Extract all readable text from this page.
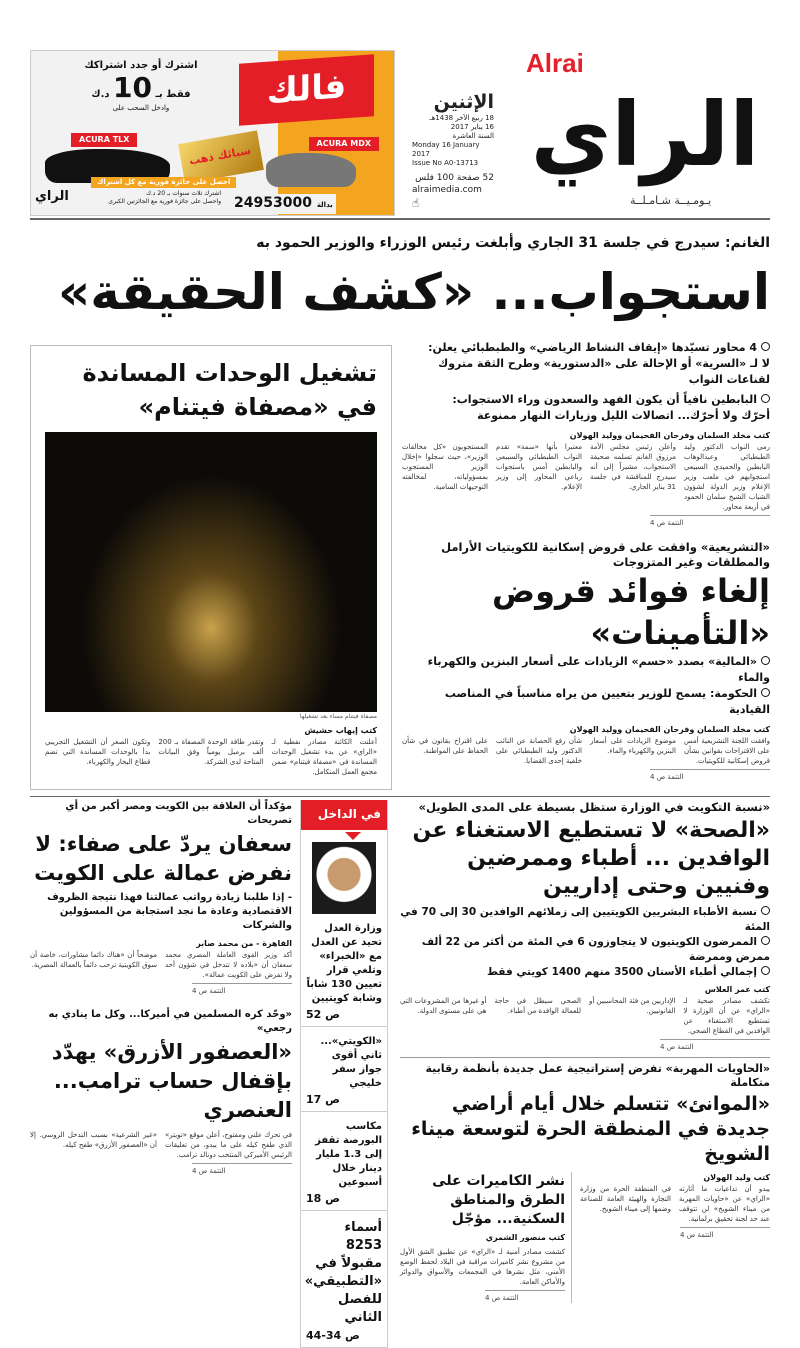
فالك
اشترك أو جدد اشتراكك
فقط بـ 10 د.ك
وادخل السحب على
ACURA TLX	ACURA MDX
سبائك ذهب
الراي
احصل على جائزة فورية مع كل اشتراك
اشترك ثلاث سنوات بـ 20 د.ك
واحصل على جائزة فورية مع الجائزتين الكبرى 24953000 بدالة
Alrai
الراي
يـومـيــة شـامـلــة
الإثنين
18 ربيع الآخر 1438هـ
16 يناير 2017
السنة العاشرة
Monday 16 January 2017
Issue No A0-13713
52 صفحة 100 فلس
alraimedia.com
☝
الغانم: سيدرج في جلسة 31 الجاري وأبلغت رئيس الوزراء والوزير الحمود به
استجواب... «كشف الحقيقة»
4 محاور تسيّدها «إيقاف النشاط الرياضي» والطبطبائي يعلن:
لا لـ «السرية» أو الإحالة على «الدستورية» وطرح الثقة متروك لقناعات النواب
البابطين نافياً أن يكون الفهد والسعدون وراء الاستجواب:
أحرّك ولا أحرّك... اتصالات الليل وزيارات النهار ممنوعة
كتب مخلد السلمان وفرحان الفحيمان ووليد الهولان
رمى النواب الدكتور وليد الطبطبائي وعبدالوهاب البابطين والحميدي السبيعي استجوابهم في ملعب وزير الإعلام وزير الدولة لشؤون الشباب الشيخ سلمان الحمود في أربعة محاور.
وأعلن رئيس مجلس الأمة مرزوق الغانم تسلمه صحيفة الاستجواب، مشيراً إلى أنه سيدرج للمناقشة في جلسة 31 يناير الجاري.
معتبرا بأنها «سمة» تقدم النواب الطبطبائي والسبيعي والبابطين أمس باستجواب رباعي المحاور إلى وزير الإعلام.
المستجوبون «كل مخالفات الوزير»، حيث سجلوا «إخلال الوزير المستجوب بمسؤولياته، لمخالفته التوجيهات السامية.
التتمة ص 4
«التشريعية» وافقت على قروض إسكانية للكويتيات الأرامل والمطلقات وغير المتزوجات
إلغاء فوائد قروض «التأمينات»
«المالية» بصدد «حسم» الزيادات على أسعار البنزين والكهرباء والماء
الحكومة: يسمح للوزير بتعيين من يراه مناسباً في المناصب القيادية
كتب مخلد السلمان وفرحان الفحيمان ووليد الهولان
وافقت اللجنة التشريعية أمس على الاقتراحات بقوانين بشأن قروض إسكانية للكويتيات.
موضوع الزيادات على أسعار البنزين والكهرباء والماء.
شأن رفع الحصانة عن النائب الدكتور وليد الطبطبائي على خلفية إحدى القضايا.
على اقتراح بقانون في شأن الحفاظ على المواطنة.
التتمة ص 4
تشغيل الوحدات المساندة في «مصفاة فيتنام»
مصفاة فيتنام مساء بعد تشغيلها
كتب إيهاب حشيش
أعلنت الكائنة مصادر نفطية لـ «الراي» عن بدء تشغيل الوحدات المساندة في «مصفاة فيتنام» ضمن مجمع العمل المتكامل.
وتقدر طاقة الوحدة المصفاة بـ 200 ألف برميل يومياً وفق البيانات المتاحة لدى الشركة.
وتكون الصغر أن التشغيل التجريبي بدأ بالوحدات المساندة التي تضم قطاع البخار والكهرباء.
في الداخل
وزارة العدل تحيد عن العدل مع «الخبراء» وتلغي قرار تعيين 130 شاباً وشابة كويتيين
ص 52
«الكويتي»... ثاني أقوى جواز سفر خليجي
ص 17
مكاسب البورصة تقفز إلى 1.3 مليار دينار خلال أسبوعين
ص 18
أسماء 8253 مقبولاً في «التطبيقي» للفصل الثاني
ص 34-44
مؤكداً أن العلاقة بين الكويت ومصر أكبر من أي تصريحات
سعفان يردّ على صفاء: لا نفرض عمالة على الكويت
- إذا طلبنا زيادة رواتب عمالتنا فهذا نتيجة الظروف الاقتصادية وعادة ما نجد استجابة من المسؤولين والشركات
القاهرة - من محمد صابر
أكد وزير القوى العاملة المصري محمد سعفان أن «بلاده لا تتدخل في شؤون أحد ولا تفرض على الكويت عمالة».
موضحاً أن «هناك دائما مشاورات، خاصة أن سوق الكويتية ترحب دائماً بالعمالة المصرية.
التتمة ص 4
«وحّد كره المسلمين في أميركا... وكل ما ينادي به رجعي»
«العصفور الأزرق» يهدّد بإقفال حساب ترامب... العنصري
في تحرك علني ومفتوح، أعلن موقع «تويتر» الذي طفح كيله على ما يبدو، من تعليقات الرئيس الأميركي المنتخب دونالد ترامب.
«غير الشرعية» بسبب التدخل الروسي. إلا أن «العصفور الأزرق» طفح كيله.
التتمة ص 4
«نسبة التكويت في الوزارة ستظل بسيطة على المدى الطويل»
«الصحة» لا تستطيع الاستغناء عن الوافدين ... أطباء وممرضين وفنيين وحتى إداريين
نسبة الأطباء البشريين الكويتيين إلى زملائهم الوافدين 30 إلى 70 في المئة
الممرضون الكويتيون لا يتجاوزون 6 في المئة من أكثر من 22 ألف ممرض وممرضة
إجمالي أطباء الأسنان 3500 منهم 1400 كويتي فقط
كتب عمر العلاس
تكشف مصادر صحية لـ «الراي» عن أن الوزارة لا تستطيع الاستغناء عن الوافدين في القطاع الصحي.
الإداريين من فئة المحاسبين أو القانونيين.
الصحي سيظل في حاجة للعمالة الوافدة من أطباء.
أو غيرها من المشروعات التي هي على مستوى الدولة.
التتمة ص 4
«الحاويات المهربة» تفرض إستراتيجية عمل جديدة بأنظمة رقابية متكاملة
«الموانئ» تتسلم خلال أيام أراضي جديدة في المنطقة الحرة لتوسعة ميناء الشويخ
كتب وليد الهولان
يبدو أن تداعيات ما أثارته «الراي» عن «حاويات المهربة من ميناء الشويخ» لن تتوقف عند حد لجنة تحقيق برلمانية.
في المنطقة الحرة من وزارة التجارة والهيئة العامة للصناعة وضمها إلى ميناء الشويخ.
التتمة ص 4
نشر الكاميرات على الطرق والمناطق السكنية... مؤجّل
كتب منصور الشمري
كشفت مصادر أمنية لـ «الراي» عن تطبيق الشق الأول من مشروع نشر كاميرات مراقبة في البلاد لحفظ الوضع الأمني، مثل نشرها في المجمعات والأسواق والدوائر والأماكن العامة.
التتمة ص 4
